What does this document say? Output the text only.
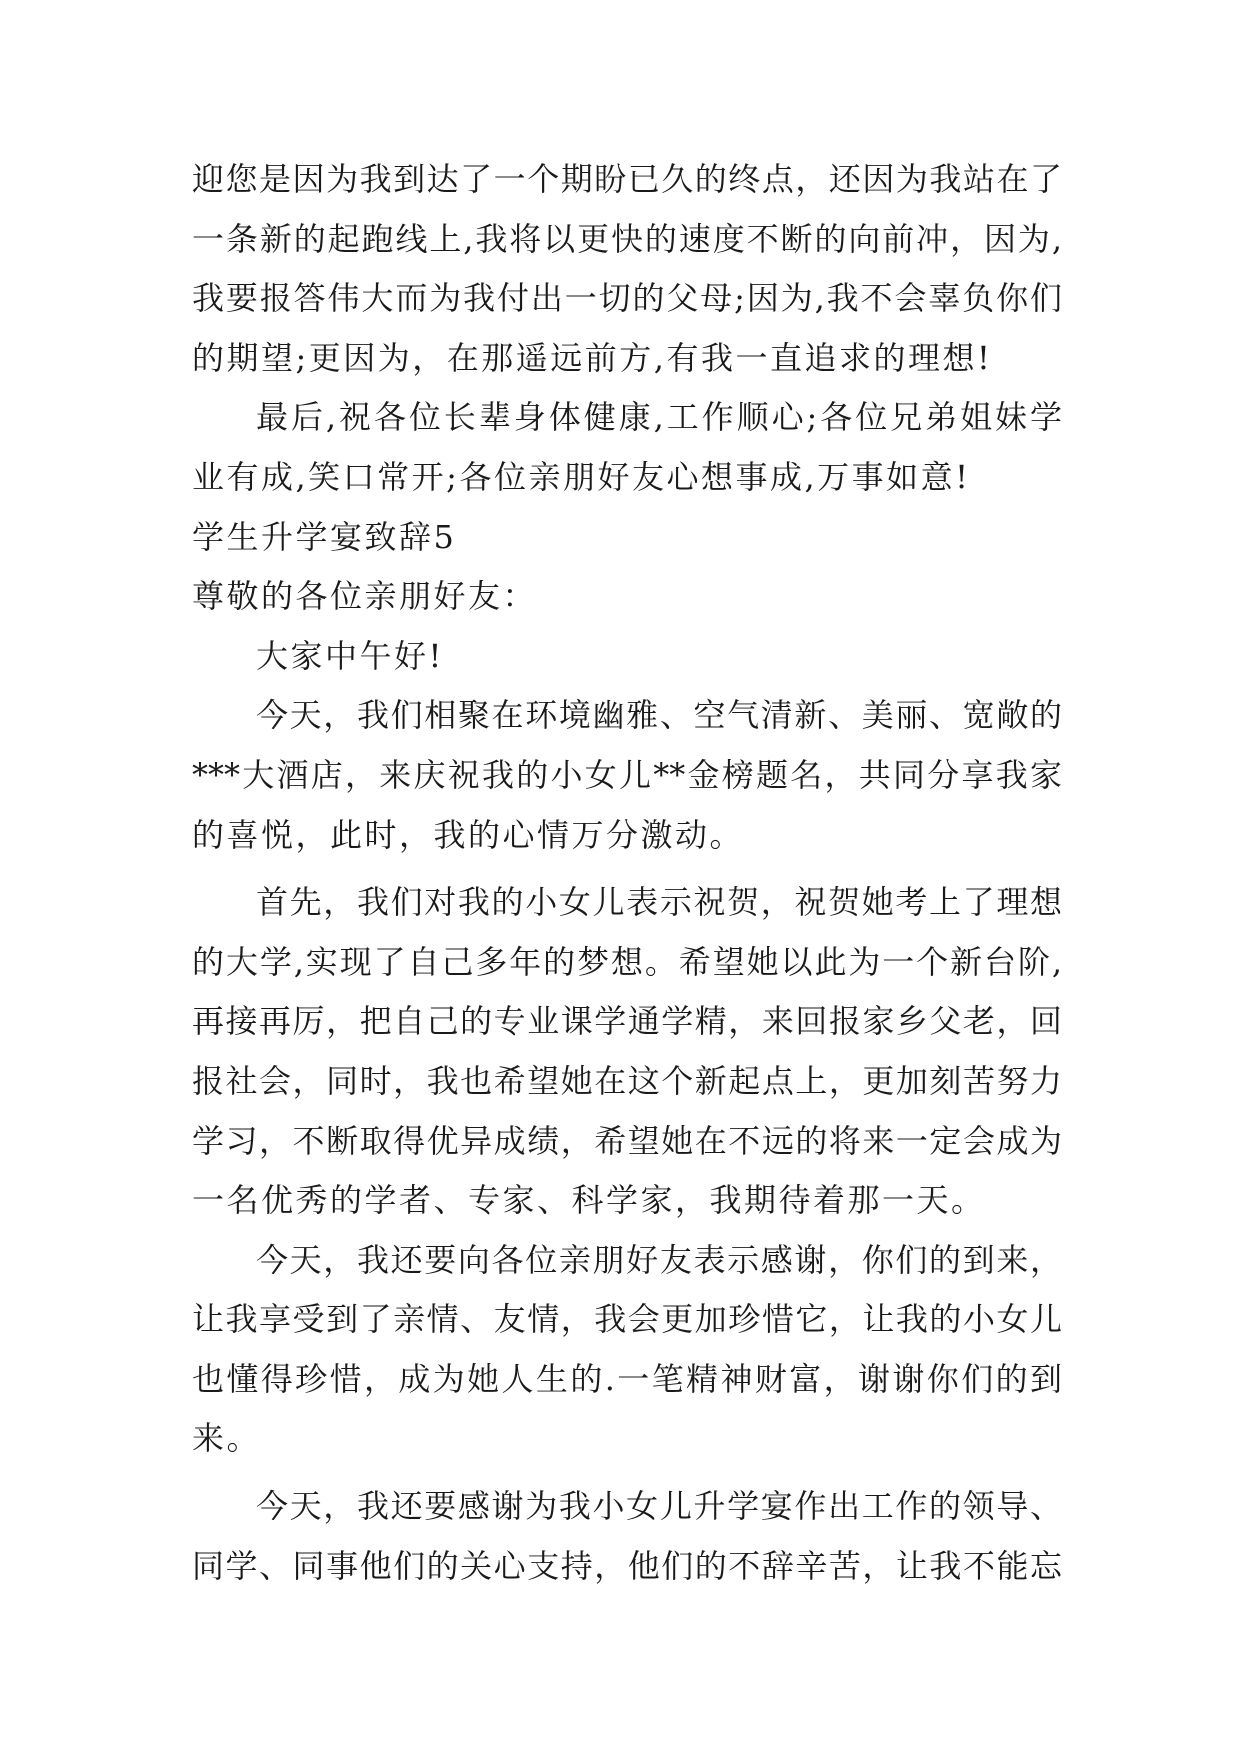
迎您是因为我到达了一个期盼已久的终点，还因为我站在了
一条新的起跑线上,我将以更快的速度不断的向前冲，因为,
我要报答伟大而为我付出一切的父母;因为,我不会辜负你们
的期望;更因为，在那遥远前方,有我一直追求的理想!
最后,祝各位长辈身体健康,工作顺心;各位兄弟姐妹学
业有成,笑口常开;各位亲朋好友心想事成,万事如意!
学生升学宴致辞5
尊敬的各位亲朋好友：
大家中午好!
今天，我们相聚在环境幽雅、空气清新、美丽、宽敞的
***大酒店，来庆祝我的小女儿**金榜题名，共同分享我家
的喜悦，此时，我的心情万分激动。
首先，我们对我的小女儿表示祝贺，祝贺她考上了理想
的大学,实现了自己多年的梦想。希望她以此为一个新台阶,
再接再厉，把自己的专业课学通学精，来回报家乡父老，回
报社会，同时，我也希望她在这个新起点上，更加刻苦努力
学习，不断取得优异成绩，希望她在不远的将来一定会成为
一名优秀的学者、专家、科学家，我期待着那一天。
今天，我还要向各位亲朋好友表示感谢，你们的到来，
让我享受到了亲情、友情，我会更加珍惜它，让我的小女儿
也懂得珍惜，成为她人生的.一笔精神财富，谢谢你们的到
来。
今天，我还要感谢为我小女儿升学宴作出工作的领导、
同学、同事他们的关心支持，他们的不辞辛苦，让我不能忘
